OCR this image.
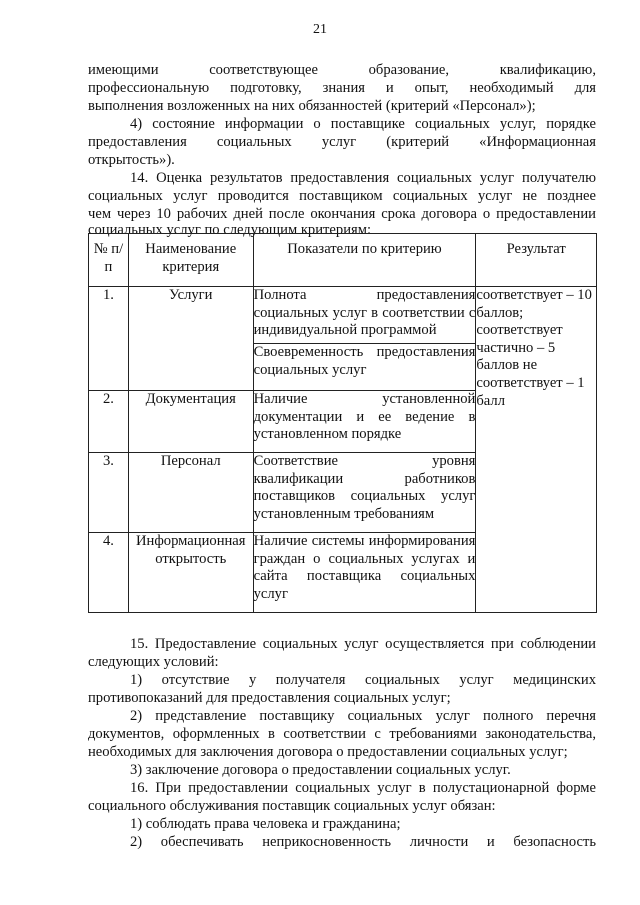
21
имеющими соответствующее образование, квалификацию,
профессиональную подготовку, знания и опыт, необходимый для
выполнения возложенных на них обязанностей (критерий «Персонал»);
4) состояние информации о поставщике социальных услуг, порядке
предоставления социальных услуг (критерий «Информационная
открытость»).
14. Оценка результатов предоставления социальных услуг получателю
социальных услуг проводится поставщиком социальных услуг не позднее
чем через 10 рабочих дней после окончания срока договора о предоставлении
социальных услуг по следующим критериям:
№ п/п	Наименование критерия	Показатели по критерию	Результат
1.	Услуги	Полнота предоставления социальных услуг в соответствии с индивидуальной программой	соответствует – 10 баллов; соответствует частично – 5 баллов не соответствует – 1 балл
		Своевременность предоставления социальных услуг	
2.	Документация	Наличие установленной документации и ее ведение в установленном порядке	
3.	Персонал	Соответствие уровня квалификации работников поставщиков социальных услуг установленным требованиям	
4.	Информационная открытость	Наличие системы информирования граждан о социальных услугах и сайта поставщика социальных услуг	
15. Предоставление социальных услуг осуществляется при соблюдении
следующих условий:
1) отсутствие у получателя социальных услуг медицинских
противопоказаний для предоставления социальных услуг;
2) представление поставщику социальных услуг полного перечня
документов, оформленных в соответствии с требованиями законодательства,
необходимых для заключения договора о предоставлении социальных услуг;
3) заключение договора о предоставлении социальных услуг.
16. При предоставлении социальных услуг в полустационарной форме
социального обслуживания поставщик социальных услуг обязан:
1) соблюдать права человека и гражданина;
2) обеспечивать неприкосновенность личности и безопасность
